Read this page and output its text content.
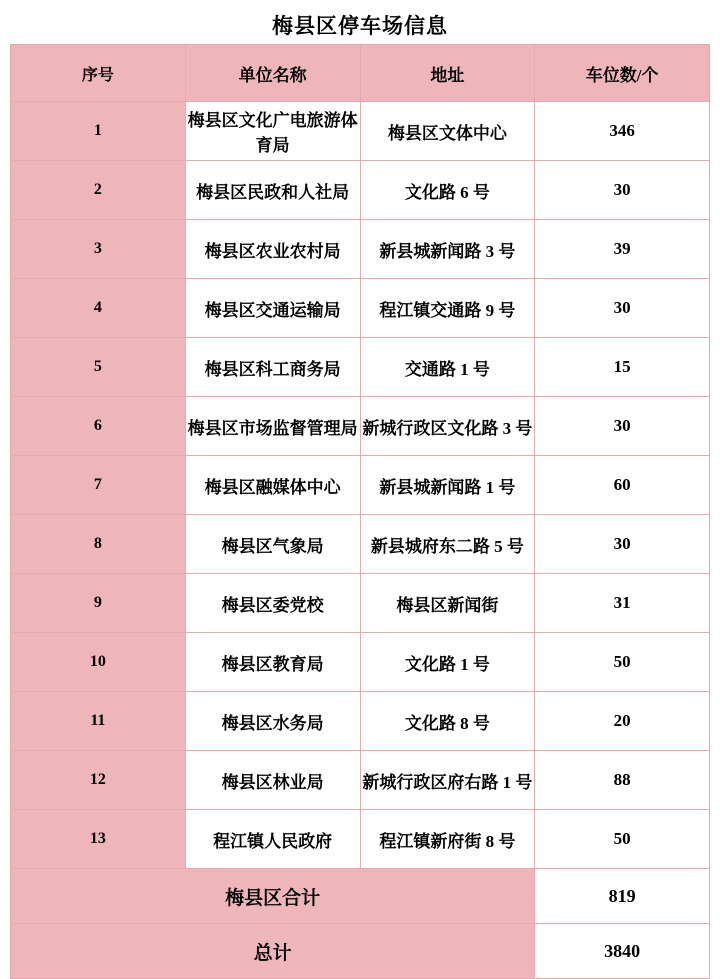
梅县区停车场信息			
序号	单位名称	地址	车位数/个
1	梅县区文化广电旅游体育局	梅县区文体中心	346
2	梅县区民政和人社局	文化路 6 号	30
3	梅县区农业农村局	新县城新闻路 3 号	39
4	梅县区交通运输局	程江镇交通路 9 号	30
5	梅县区科工商务局	交通路 1 号	15
6	梅县区市场监督管理局	新城行政区文化路 3 号	30
7	梅县区融媒体中心	新县城新闻路 1 号	60
8	梅县区气象局	新县城府东二路 5 号	30
9	梅县区委党校	梅县区新闻街	31
10	梅县区教育局	文化路 1 号	50
11	梅县区水务局	文化路 8 号	20
12	梅县区林业局	新城行政区府右路 1 号	88
13	程江镇人民政府	程江镇新府街 8 号	50
梅县区合计			819
总计			3840
